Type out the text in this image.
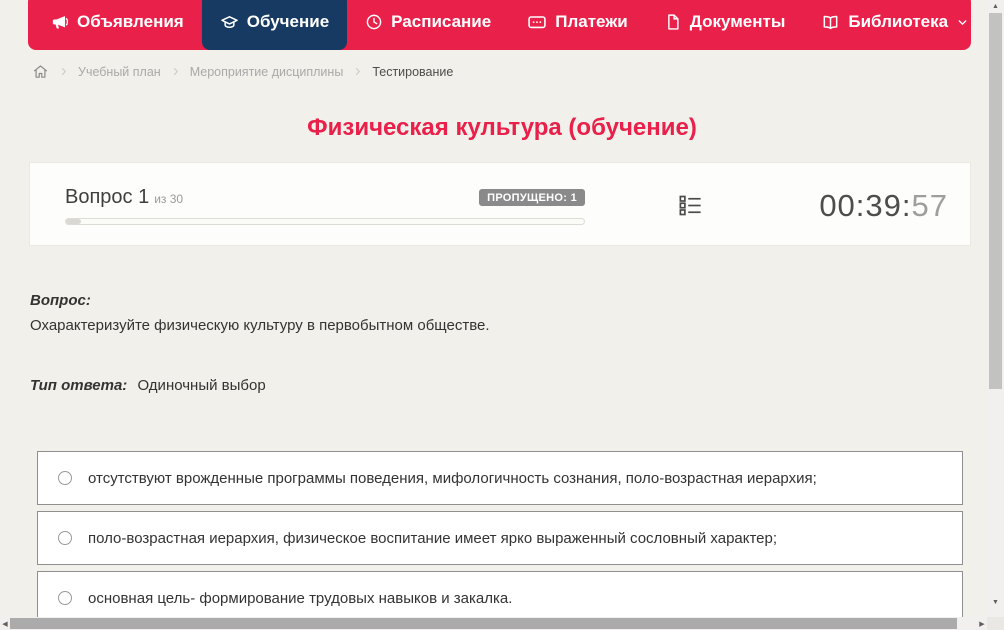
Объявления	Обучение	Расписание	Платежи	Документы	Библиотека
Учебный план Мероприятие дисциплины Тестирование
Физическая культура (обучение)
Вопрос 1 из 30	ПРОПУЩЕНО: 1	00:39:57

Вопрос:

Охарактеризуйте физическую культуру в первобытном обществе.

Тип ответа: Одиночный выбор

отсутствуют врожденные программы поведения, мифологичность сознания, поло-возрастная иерархия;
поло-возрастная иерархия, физическое воспитание имеет ярко выраженный сословный характер;
основная цель- формирование трудовых навыков и закалка.
▲
▼
◀	▶
